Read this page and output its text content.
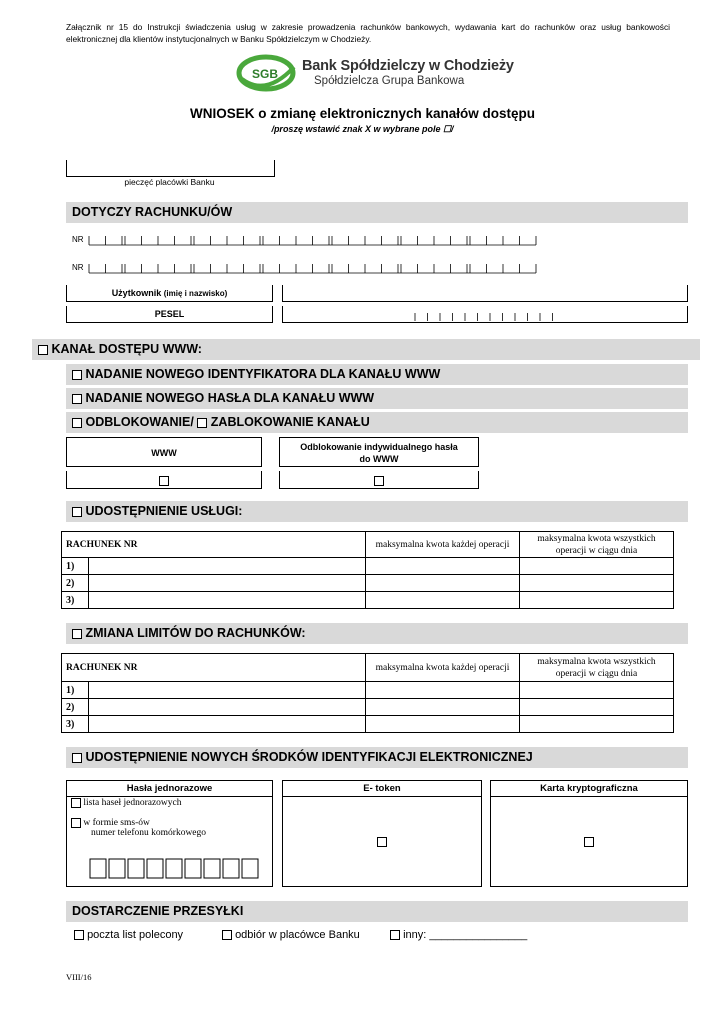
Załącznik nr 15 do Instrukcji świadczenia usług w zakresie prowadzenia rachunków bankowych, wydawania kart do rachunków oraz usług bankowości elektronicznej dla klientów instytucjonalnych w Banku Spółdzielczym w Chodzieży.
SGB Bank Spółdzielczy w Chodzieży
Spółdzielcza Grupa Bankowa
WNIOSEK o zmianę elektronicznych kanałów dostępu
/proszę wstawić znak X w wybrane pole ☐/
pieczęć placówki Banku
DOTYCZY RACHUNKU/ÓW
NR
NR
Użytkownik (imię i nazwisko)
PESEL
KANAŁ DOSTĘPU WWW:
NADANIE NOWEGO IDENTYFIKATORA DLA KANAŁU WWW
NADANIE NOWEGO HASŁA DLA KANAŁU WWW
ODBLOKOWANIE/ ZABLOKOWANIE KANAŁU
WWW
Odblokowanie indywidualnego hasła do WWW
UDOSTĘPNIENIE USŁUGI:
RACHUNEK NR		maksymalna kwota każdej operacji	maksymalna kwota wszystkich operacji w ciągu dnia
1)			
2)			
3)			
ZMIANA LIMITÓW DO RACHUNKÓW:
RACHUNEK NR		maksymalna kwota każdej operacji	maksymalna kwota wszystkich operacji w ciągu dnia
1)			
2)			
3)			
UDOSTĘPNIENIE NOWYCH ŚRODKÓW IDENTYFIKACJI ELEKTRONICZNEJ
Hasła jednorazowe
lista haseł jednorazowych
w formie sms-ów
numer telefonu komórkowego
E- token	Karta kryptograficzna
DOSTARCZENIE PRZESYŁKI
poczta list polecony	odbiór w placówce Banku	inny: ________________
VIII/16
